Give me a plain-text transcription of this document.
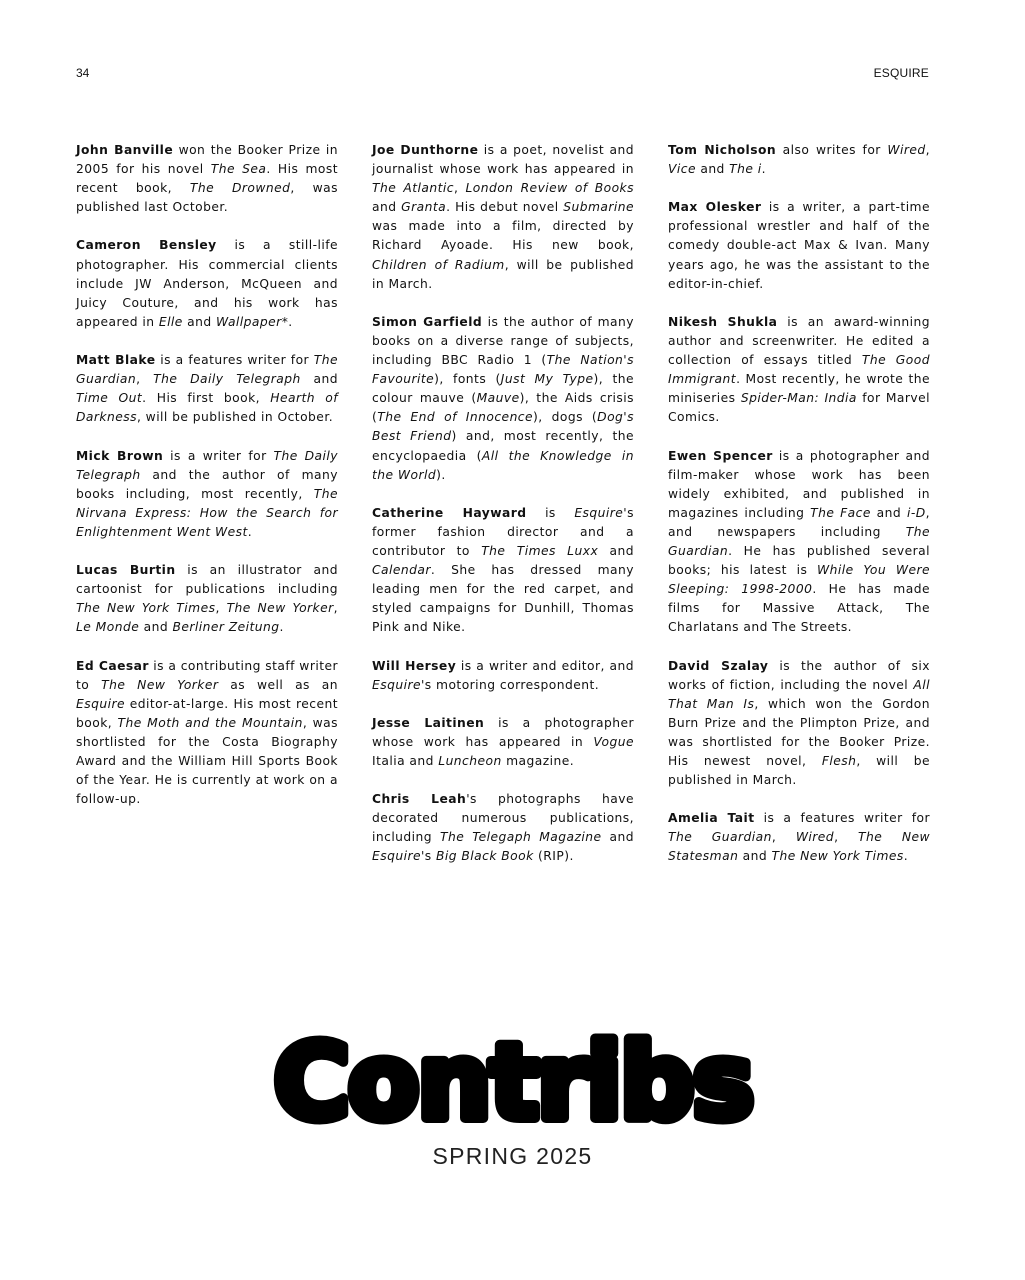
34	ESQUIRE

John Banville won the Booker Prize in 2005 for his novel The Sea. His most recent book, The Drowned, was published last October.

Cameron Bensley is a still-life photographer. His commercial clients include JW Anderson, McQueen and Juicy Couture, and his work has appeared in Elle and Wallpaper*.

Matt Blake is a features writer for The Guardian, The Daily Telegraph and Time Out. His first book, Hearth of Darkness, will be published in October.

Mick Brown is a writer for The Daily Telegraph and the author of many books including, most recently, The Nirvana Express: How the Search for Enlightenment Went West.

Lucas Burtin is an illustrator and cartoonist for publications including The New York Times, The New Yorker, Le Monde and Berliner Zeitung.

Ed Caesar is a contributing staff writer to The New Yorker as well as an Esquire editor-at-large. His most recent book, The Moth and the Mountain, was shortlisted for the Costa Biography Award and the William Hill Sports Book of the Year. He is currently at work on a follow-up.

Joe Dunthorne is a poet, novelist and journalist whose work has appeared in The Atlantic, London Review of Books and Granta. His debut novel Submarine was made into a film, directed by Richard Ayoade. His new book, Children of Radium, will be published in March.

Simon Garfield is the author of many books on a diverse range of subjects, including BBC Radio 1 (The Nation's Favourite), fonts (Just My Type), the colour mauve (Mauve), the Aids crisis (The End of Innocence), dogs (Dog's Best Friend) and, most recently, the encyclopaedia (All the Knowledge in the World).

Catherine Hayward is Esquire's former fashion director and a contributor to The Times Luxx and Calendar. She has dressed many leading men for the red carpet, and styled campaigns for Dunhill, Thomas Pink and Nike.

Will Hersey is a writer and editor, and Esquire's motoring correspondent.

Jesse Laitinen is a photographer whose work has appeared in Vogue Italia and Luncheon magazine.

Chris Leah's photographs have decorated numerous publications, including The Telegaph Magazine and Esquire's Big Black Book (RIP).

Tom Nicholson also writes for Wired, Vice and The i.

Max Olesker is a writer, a part-time professional wrestler and half of the comedy double-act Max & Ivan. Many years ago, he was the assistant to the editor-in-chief.

Nikesh Shukla is an award-winning author and screenwriter. He edited a collection of essays titled The Good Immigrant. Most recently, he wrote the miniseries Spider-Man: India for Marvel Comics.

Ewen Spencer is a photographer and film-maker whose work has been widely exhibited, and published in magazines including The Face and i-D, and newspapers including The Guardian. He has published several books; his latest is While You Were Sleeping: 1998-2000. He has made films for Massive Attack, The Charlatans and The Streets.

David Szalay is the author of six works of fiction, including the novel All That Man Is, which won the Gordon Burn Prize and the Plimpton Prize, and was shortlisted for the Booker Prize. His newest novel, Flesh, will be published in March.

Amelia Tait is a features writer for The Guardian, Wired, The New Statesman and The New York Times.

Contribs
SPRING 2025
